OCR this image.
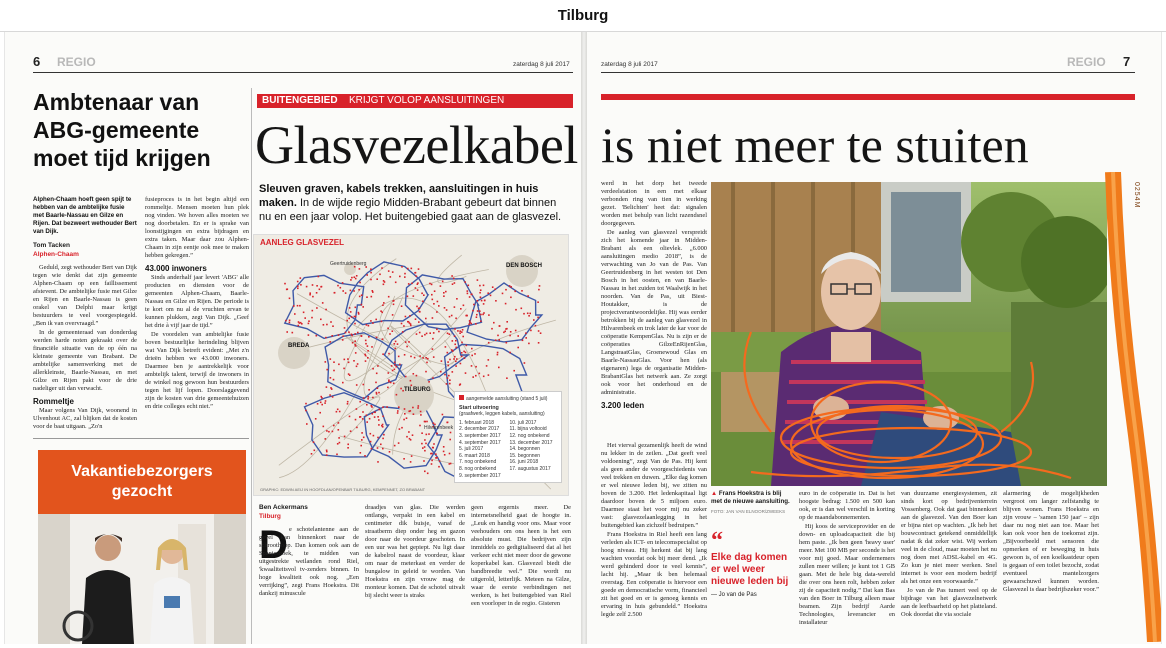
Tilburg
6 REGIO	zaterdag 8 juli 2017
Ambtenaar van
ABG-gemeente
moet tijd krijgen
Alphen-Chaam hoeft geen spijt te hebben van de ambtelijke fusie met Baarle-Nassau en Gilze en Rijen. Dat bezweert wethouder Bert van Dijk.
Tom Tacken
Alphen-Chaam

Geduld, zegt wethouder Bert van Dijk tegen wie denkt dat zijn gemeente Alphen-Chaam op een faillissement afstevent. De ambtelijke fusie met Gilze en Rijen en Baarle-Nassau is geen orakel van Delphi maar krijgt bestuurders te veel voorgespiegeld. „Ben ik van overvraagd.”

In de gemeenteraad van donderdag werden harde noten gekraakt over de financiële situatie van de op één na kleinste gemeente van Brabant. De ambtelijke samenwerking met de allerkleinste, Baarle-Nassau, en met Gilze en Rijen pakt voor de drie nadeliger uit dan verwacht.

Rommeltje

Maar volgens Van Dijk, woonend in Ulvenhout AC, zal blijken dat de kosten voor de baat uitgaan. „Zo'n

fusieproces is in het begin altijd een rommeltje. Mensen moeten hun plek nog vinden. We hoven alles moeten we nog doorbetalen. En er is sprake van loonstijgingen en extra bijdragen en extra taken. Maar daar zou Alphen-Chaam in zijn eentje ook mee te maken hebben gekregen.”

43.000 inwoners

Sinds anderhalf jaar levert 'ABG' alle producten en diensten voor de gemeenten Alphen-Chaam, Baarle-Nassau en Gilze en Rijen. De periode is te kort om nu al de vruchten ervan te kunnen plukken, zegt Van Dijk. „Geef het drie à vijf jaar de tijd.”

De voordelen van ambtelijke fusie boven bestuurlijke herindeling blijven wat Van Dijk betreft evident: „Met z'n drieën hebben we 43.000 inwoners. Daarmee ben je aantrekkelijk voor ambtelijk talent, terwijl de inwoners in de winkel nog gewoon hun bestuurders tegen het lijf lopen. Doorslaggevend zijn de kosten van drie gemeentehuizen en drie colleges echt niet.”

Vakantiebezorgers
gezocht
BUITENGEBIED KRIJGT VOLOP AANSLUITINGEN
Glasvezelkabel
Sleuven graven, kabels trekken, aansluitingen in huis maken. In de wijde regio Midden-Brabant gebeurt dat binnen nu en een jaar volop. Het buitengebied gaat aan de glasvezel.
AANLEG GLASVEZEL
Geertruidenberg	DEN BOSCH
BREDA
TILBURG
Hilvarenbeek
aangemelde aansluiting (stand 5 juli)
Start uitvoering
(graafwerk, leggen kabels, aansluiting)
1. februari 2018	10. juli 2017
2. december 2017	11. bijna voltooid
3. september 2017	12. nog onbekend
4. september 2017	13. december 2017
5. juli 2017	14. begonnen
6. maart 2018	15. begonnen
7. nog onbekend	16. juni 2018
8. nog onbekend	17. augustus 2017
9. september 2017
GRAPHIC: EDWIN AEIJ IN HOOFDLAN/OPENBAR TILBURG, KEMPENNET, ZO BRABANT
Ben Ackermans
Tilburg
D e schotelantenne aan de gevel kan binnenkort naar de schroothoop. Dan komen ook aan de Spanjeshoek, te midden van uitgestrekte weilanden rond Riel, 'kwaaliteitsvol tv-zenders binnen. In hoge kwaliteit ook nog. „Een verrijking”, zegt Frans Hoekstra. Dit dankzij minuscule
draadjes van glas. Die werden ontlangs, verpakt in een kabel en centimeter dik buisje, vanaf de straatberm diep onder heg en gazon door naar de voordeur geschoten. In een uur was het gepiept. Nu ligt daar de kabelrol naast de voordeur, klaar om naar de meterkast en verder de bungalow in geleid te worden. Van Hoekstra en zijn vrouw mag de monteur komen. Dat de schotel uitvalt bij slecht weer is straks
geen ergernis meer. De internetsnelheid gaat de hoogte in. „Leuk en handig voor ons. Maar voor veehouders om ons heen is het een absolute must. Die bedrijven zijn inmiddels zo gedigitaliseerd dat al het verkeer echt niet meer door de gewone koperkabel kan. Glasvezel biedt die bandbreedte wel.” Die wordt nu uitgerold, letterlijk. Meteen na Gilze, waar de eerste verbindingen net werken, is het buitengebied van Riel een voorloper in de regio. Gisteren
zaterdag 8 juli 2017	REGIO 7
is niet meer te stuiten

werd in het dorp het tweede verdeelstation in een met elkaar verbonden ring van tien in werking gezet. 'Belichten' heet dat: signalen worden met behulp van licht razendsnel doorgegeven.

De aanleg van glasvezel verspreidt zich het komende jaar in Midden-Brabant als een olievlek. „6.000 aansluitingen medio 2018”, is de verwachting van Jo van de Pas. Van Geertruidenberg in het westen tot Den Bosch in het oosten, en van Baarle-Nassau in het zuiden tot Waalwijk in het noorden. Van de Pas, uit Biest-Houtakker, is de projectverantwoordelijke. Hij was eerder betrokken bij de aanleg van glasvezel in Hilvarenbeek en trok later de kar voor de coöperatie KempenGlas. Nu is zijn er de coöperaties GilzeEnRijenGlas, LangstraatGlas, Groenewoud Glas en Baarle-NassauGlas. Voor hen (als eigenaren) lega de organisatie Midden-BrabantGlas het netwerk aan. Ze zorgt ook voor het onderhoud en de administratie.

3.200 leden

Het vierval gezamenlijk heeft de wind nu lekker in de zeilen. „Dat geeft veel voldoening”, zegt Van de Pas. Hij kent als geen ander de voorgeschiedenis van veel trekken en duwen. „Elke dag komen er wel nieuwe leden bij, we zitten nu boven de 3.200. Het ledenkapitaal ligt daardoor boven de 5 miljoen euro. Daarmee staat het voor mij nu zeker vast: glasvezelaanlegging in het buitengebied kan zichzelf bedruipen.”

Frans Hoekstra in Riel heeft een lang verleden als ICT- en telecomspecialist op hoog niveau. Hij herkent dat bij lang wachten voordat ook bij meer dend. „Ik werd gehinderd door te veel kennis”, lacht hij. „Maar ik ben helemaal overstag. Een coöperatie is hiervoor een goede en democratische vorm, financieel zit het goed en er is genoeg kennis en ervaring in huis gebundeld.” Hoekstra legde zelf 2.500

0254M
▲ Frans Hoekstra is blij met de nieuwe aansluiting.
FOTO: JAN VAN ELNOOR/ZWEEKS
“
Elke dag komen er wel weer nieuwe leden bij
— Jo van de Pas

euro in de coöperatie in. Dat is het hoogste bedrag: 1.500 en 500 kan ook, er is dan wel verschil in korting op de maandabonnementen.

Hij koos de serviceprovider en de down- en uploadcapaciteit die bij hem paste. „Ik ben geen 'heavy user' meer. Met 100 MB per seconde is het voor mij goed. Maar ondernemers zullen meer willen; je kunt tot 1 GB gaan. Met de hele big data-wereld die over ons heen rolt, hebben zeker zij de capaciteit nodig.” Dat kan Bas van den Boer in Tilburg alleen maar beamen. Zijn bedrijf Aarde Technologies, leverancier en installateur

van duurzame energiesystemen, zit sinds kort op bedrijventerrein Vossenberg. Ook dat gaat binnenkort aan de glasvezel. Van den Boer kan er bijna niet op wachten. „Ik heb het bouwcontract getekend onmiddellijk nadat ik dat zeker wist. Wij werken veel in de cloud, maar moeten het nu nog doen met ADSL-kabel en 4G. Zo kun je niet meer werken. Snel internet is voor een modern bedrijf als het onze een voorwaarde.”

Jo van de Pas tumert veel op de bijdrage van het glasvezelnetwerk aan de leefbaarheid op het platteland. Ook doordat die via sociale

alarmering de mogelijkheden vergroot om langer zelfstandig te blijven wonen. Frans Hoekstra en zijn vrouw – 'samen 150 jaar' – zijn daar nu nog niet aan toe. Maar het kan ook voor hen de toekomst zijn. „Bijvoorbeeld met sensoren die opmerken of er beweging in huis gewoon is, of een koelkastdeur open is gegaan of een toilet bezocht, zodat eventueel mantelzorgers gewaarschuwd kunnen worden. Glasvezel is daar bedrijfszeker voor.”
